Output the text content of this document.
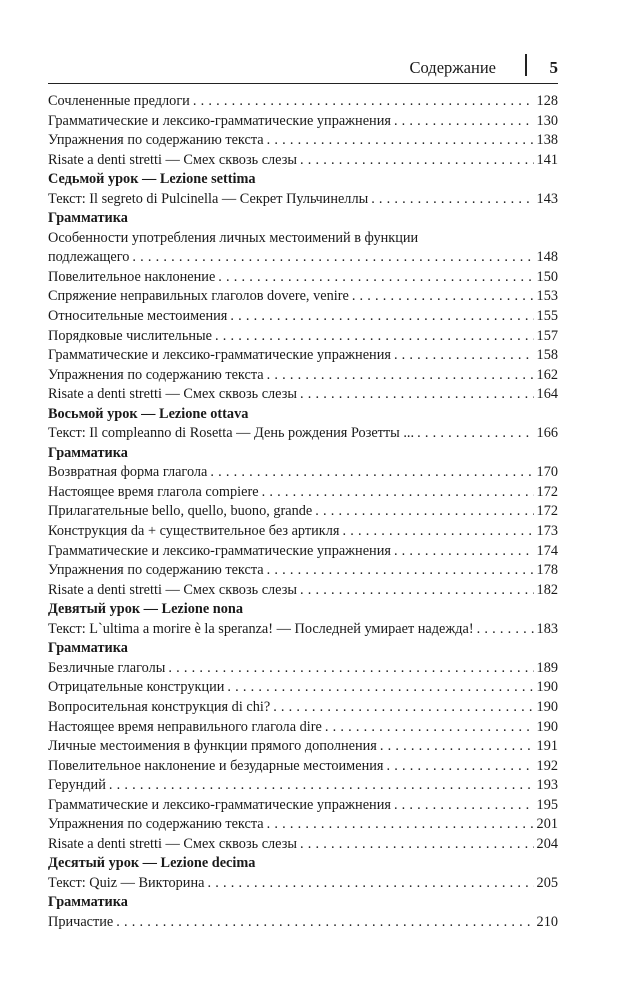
Содержание	5
Сочлененные предлоги . . .	128
Грамматические и лексико-грамматические упражнения . . .	130
Упражнения по содержанию текста . . .	138
Risate a denti stretti — Смех сквозь слезы . . .	141
Седьмой урок — Lezione settima
Текст: Il segreto di Pulcinella — Секрет Пульчинеллы . . .	143
Грамматика
Особенности употребления личных местоимений в функции
подлежащего . . .	148
Повелительное наклонение . . .	150
Спряжение неправильных глаголов dovere, venire . . .	153
Относительные местоимения . . .	155
Порядковые числительные . . .	157
Грамматические и лексико-грамматические упражнения . . .	158
Упражнения по содержанию текста . . .	162
Risate a denti stretti — Смех сквозь слезы . . .	164
Восьмой урок — Lezione ottava
Текст: Il compleanno di Rosetta — День рождения Розетты ... . . .	166
Грамматика
Возвратная форма глагола . . .	170
Настоящее время глагола compiere . . .	172
Прилагательные bello, quello, buono, grande . . .	172
Конструкция da + существительное без артикля . . .	173
Грамматические и лексико-грамматические упражнения . . .	174
Упражнения по содержанию текста . . .	178
Risate a denti stretti — Смех сквозь слезы . . .	182
Девятый урок — Lezione nona
Текст: L`ultima a morire è la speranza! — Последней умирает надежда! . . .	183
Грамматика
Безличные глаголы . . .	189
Отрицательные конструкции . . .	190
Вопросительная конструкция di chi? . . .	190
Настоящее время неправильного глагола dire . . .	190
Личные местоимения в функции прямого дополнения . . .	191
Повелительное наклонение и безударные местоимения . . .	192
Герундий . . .	193
Грамматические и лексико-грамматические упражнения . . .	195
Упражнения по содержанию текста . . .	201
Risate a denti stretti — Смех сквозь слезы . . .	204
Десятый урок — Lezione decima
Текст: Quiz — Викторина . . .	205
Грамматика
Причастие . . .	210
